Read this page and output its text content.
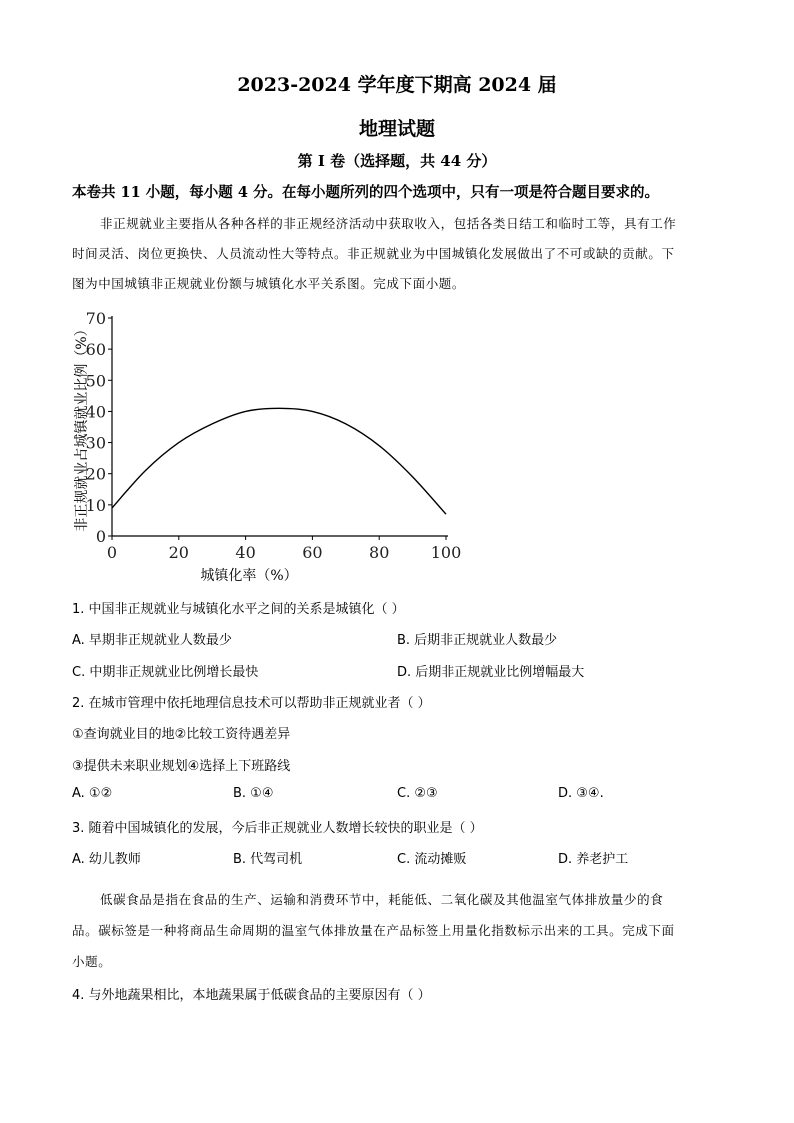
2023-2024 学年度下期高 2024 届
地理试题
第 I 卷（选择题，共 44 分）
本卷共 11 小题，每小题 4 分。在每小题所列的四个选项中，只有一项是符合题目要求的。
非正规就业主要指从各种各样的非正规经济活动中获取收入，包括各类日结工和临时工等，具有工作
时间灵活、岗位更换快、人员流动性大等特点。非正规就业为中国城镇化发展做出了不可或缺的贡献。下
图为中国城镇非正规就业份额与城镇化水平关系图。完成下面小题。
0
10
20
30
40
50
60
70
0	20	40	60	80	100
城镇化率（%）
非正规就业占城镇就业比例（%）
1. 中国非正规就业与城镇化水平之间的关系是城镇化（ ）
A. 早期非正规就业人数最少	B. 后期非正规就业人数最少
C. 中期非正规就业比例增长最快	D. 后期非正规就业比例增幅最大
2. 在城市管理中依托地理信息技术可以帮助非正规就业者（ ）
①查询就业目的地②比较工资待遇差异
③提供未来职业规划④选择上下班路线
A. ①②	B. ①④	C. ②③	D. ③④.
3. 随着中国城镇化的发展，今后非正规就业人数增长较快的职业是（ ）
A. 幼儿教师	B. 代驾司机	C. 流动摊贩	D. 养老护工
低碳食品是指在食品的生产、运输和消费环节中，耗能低、二氧化碳及其他温室气体排放量少的食
品。碳标签是一种将商品生命周期的温室气体排放量在产品标签上用量化指数标示出来的工具。完成下面
小题。
4. 与外地蔬果相比，本地蔬果属于低碳食品的主要原因有（ ）
